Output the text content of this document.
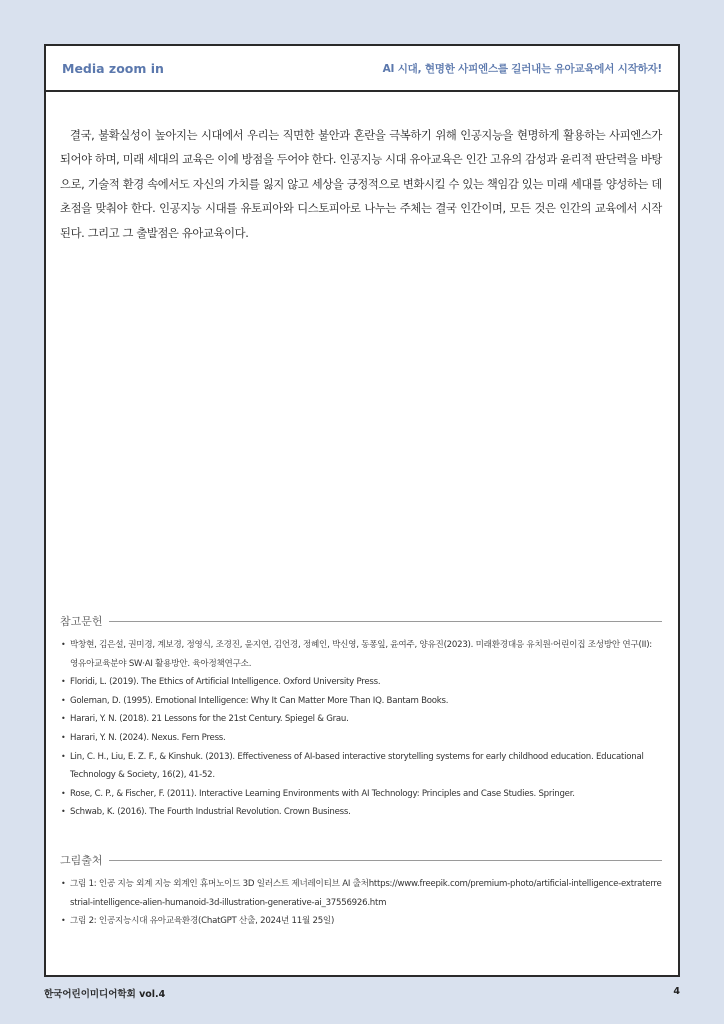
Media zoom in	AI 시대, 현명한 사피엔스를 길러내는 유아교육에서 시작하자!

결국, 불확실성이 높아지는 시대에서 우리는 직면한 불안과 혼란을 극복하기 위해 인공지능을 현명하게 활용하는 사피엔스가 되어야 하며, 미래 세대의 교육은 이에 방점을 두어야 한다. 인공지능 시대 유아교육은 인간 고유의 감성과 윤리적 판단력을 바탕으로, 기술적 환경 속에서도 자신의 가치를 잃지 않고 세상을 긍정적으로 변화시킬 수 있는 책임감 있는 미래 세대를 양성하는 데 초점을 맞춰야 한다. 인공지능 시대를 유토피아와 디스토피아로 나누는 주체는 결국 인간이며, 모든 것은 인간의 교육에서 시작된다. 그리고 그 출발점은 유아교육이다.

참고문헌
• 박창현, 김은설, 권미경, 계보경, 정영식, 조경진, 윤지연, 김언경, 정혜인, 박신영, 동퐁잎, 윤여주, 양유진(2023). 미래환경대응 유치원·어린이집 조성방안 연구(II): 영유아교육분야 SW·AI 활용방안. 육아정책연구소.
• Floridi, L. (2019). The Ethics of Artificial Intelligence. Oxford University Press.
• Goleman, D. (1995). Emotional Intelligence: Why It Can Matter More Than IQ. Bantam Books.
• Harari, Y. N. (2018). 21 Lessons for the 21st Century. Spiegel & Grau.
• Harari, Y. N. (2024). Nexus. Fern Press.
• Lin, C. H., Liu, E. Z. F., & Kinshuk. (2013). Effectiveness of AI-based interactive storytelling systems for early childhood education. Educational Technology & Society, 16(2), 41-52.
• Rose, C. P., & Fischer, F. (2011). Interactive Learning Environments with AI Technology: Principles and Case Studies. Springer.
• Schwab, K. (2016). The Fourth Industrial Revolution. Crown Business.
그림출처
• 그림 1: 인공 지능 외계 지능 외계인 휴머노이드 3D 일러스트 제너레이티브 AI 출처https://www.freepik.com/premium-photo/artificial-intelligence-extraterrestrial-intelligence-alien-humanoid-3d-illustration-generative-ai_37556926.htm
• 그림 2: 인공지능시대 유아교육환경(ChatGPT 산출, 2024년 11월 25일)
한국어린이미디어학회 vol.4	4
